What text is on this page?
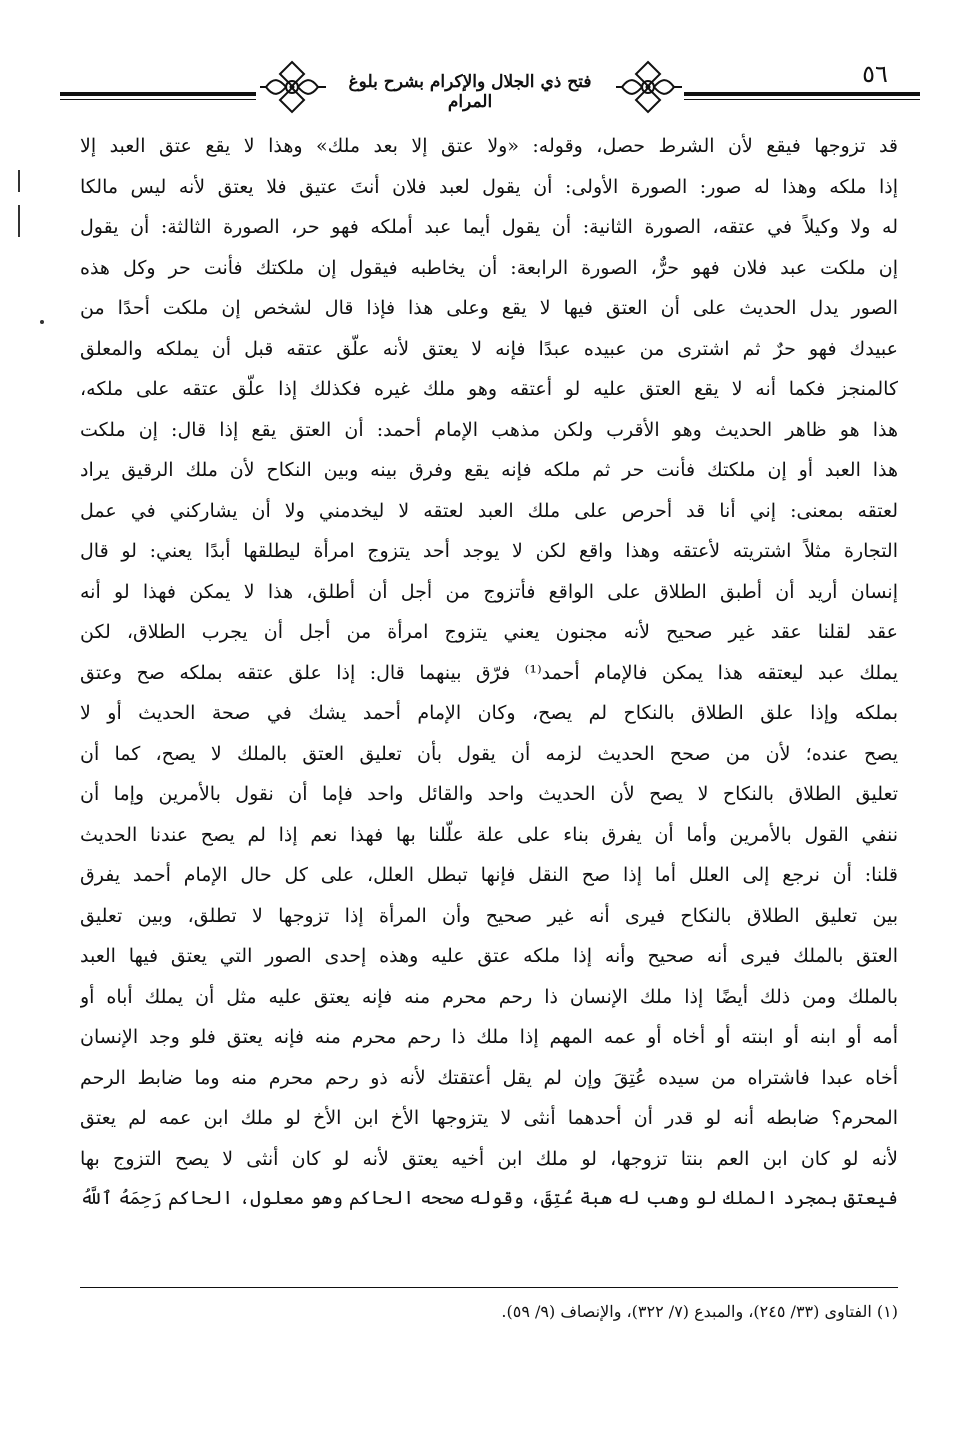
فتح ذي الجلال والإكرام بشرح بلوغ المرام
٥٦
قد تزوجها فيقع لأن الشرط حصل، وقوله: «ولا عتق إلا بعد ملك» وهذا لا يقع عتق العبد إلا
إذا ملكه وهذا له صور: الصورة الأولى: أن يقول لعبد فلان أنتَ عتيق فلا يعتق لأنه ليس مالكا
له ولا وكيلاً في عتقه، الصورة الثانية: أن يقول أيما عبد أملكه فهو حر، الصورة الثالثة: أن يقول
إن ملكت عبد فلان فهو حرٌّ، الصورة الرابعة: أن يخاطبه فيقول إن ملكتك فأنت حر وكل هذه
الصور يدل الحديث على أن العتق فيها لا يقع وعلى هذا فإذا قال لشخص إن ملكت أحدًا من
عبيدك فهو حرٌ ثم اشترى من عبيده عبدًا فإنه لا يعتق لأنه علّق عتقه قبل أن يملكه والمعلق
كالمنجز فكما أنه لا يقع العتق عليه لو أعتقه وهو ملك غيره فكذلك إذا علّق عتقه على ملكه،
هذا هو ظاهر الحديث وهو الأقرب ولكن مذهب الإمام أحمد: أن العتق يقع إذا قال: إن ملكت
هذا العبد أو إن ملكتك فأنت حر ثم ملكه فإنه يقع وفرق بينه وبين النكاح لأن ملك الرقيق يراد
لعتقه بمعنى: إني أنا قد أحرص على ملك العبد لعتقه لا ليخدمني ولا أن يشاركني في عمل
التجارة مثلاً اشتريته لأعتقه وهذا واقع لكن لا يوجد أحد يتزوج امرأة ليطلقها أبدًا يعني: لو قال
إنسان أريد أن أطبق الطلاق على الواقع فأتزوج من أجل أن أطلق، هذا لا يمكن فهذا لو أنه
عقد لقلنا عقد غير صحيح لأنه مجنون يعني يتزوج امرأة من أجل أن يجرب الطلاق، لكن
يملك عبد ليعتقه هذا يمكن فالإمام أحمد⁽¹⁾ فرّق بينهما قال: إذا علق عتقه بملكه صح وعتق
بملكه وإذا علق الطلاق بالنكاح لم يصح، وكان الإمام أحمد يشك في صحة الحديث أو لا
يصح عنده؛ لأن من صحح الحديث لزمه أن يقول بأن تعليق العتق بالملك لا يصح، كما أن
تعليق الطلاق بالنكاح لا يصح لأن الحديث واحد والقائل واحد فإما أن نقول بالأمرين وإما أن
ننفي القول بالأمرين وأما أن يفرق بناء على علة علّلنا بها فهذا نعم إذا لم يصح عندنا الحديث
قلنا: أن نرجع إلى العلل أما إذا صح النقل فإنها تبطل العلل، على كل حال الإمام أحمد يفرق
بين تعليق الطلاق بالنكاح فيرى أنه غير صحيح وأن المرأة إذا تزوجها لا تطلق، وبين تعليق
العتق بالملك فيرى أنه صحيح وأنه إذا ملكه عتق عليه وهذه إحدى الصور التي يعتق فيها العبد
بالملك ومن ذلك أيضًا إذا ملك الإنسان ذا رحم محرم منه فإنه يعتق عليه مثل أن يملك أباه أو
أمه أو ابنه أو ابنته أو أخاه أو عمه المهم إذا ملك ذا رحم محرم منه فإنه يعتق فلو وجد الإنسان
أخاه عبدا فاشتراه من سيده عُتِقَ وإن لم يقل أعتقتك لأنه ذو رحم محرم منه وما ضابط الرحم
المحرم؟ ضابطه أنه لو قدر أن أحدهما أنثى لا يتزوجها الأخ ابن الأخ لو ملك ابن عمه لم يعتق
لأنه لو كان ابن العم بنتا تزوجها، لو ملك ابن أخيه يعتق لأنه لو كان أنثى لا يصح التزوج بها
فيعتق بمجرد الملك لو وهب له هبة عُتِقَ، وقوله صححه الحاكم وهو معلول، الحاكم رَحِمَهُ ٱللَّهُ
(١) الفتاوى (٣٣/ ٢٤٥)، والمبدع (٧/ ٣٢٢)، والإنصاف (٩/ ٥٩).
